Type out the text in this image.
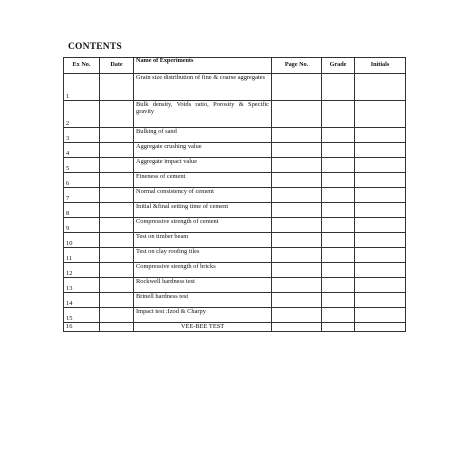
CONTENTS
Ex No.	Date	Name of Experiments	Page No.	Grade	Initials
1		Grain size distribution of fine & coarse aggregates			
2		Bulk density, Voids ratio, Porosity & Specific gravity			
3		Bulking of sand			
4		Aggregate crushing value			
5		Aggregate impact value			
6		Fineness of cement			
7		Normal consistency of cement			
8		Initial &final setting time of cement			
9		Compressive strength of cement			
10		Test on timber beam			
11		Test on clay roofing tiles			
12		Compressive strength of bricks			
13		Rockwell hardness test			
14		Brinell hardness test			
15		Impact test :Izod & Charpy			
16		VEE-BEE TEST			
